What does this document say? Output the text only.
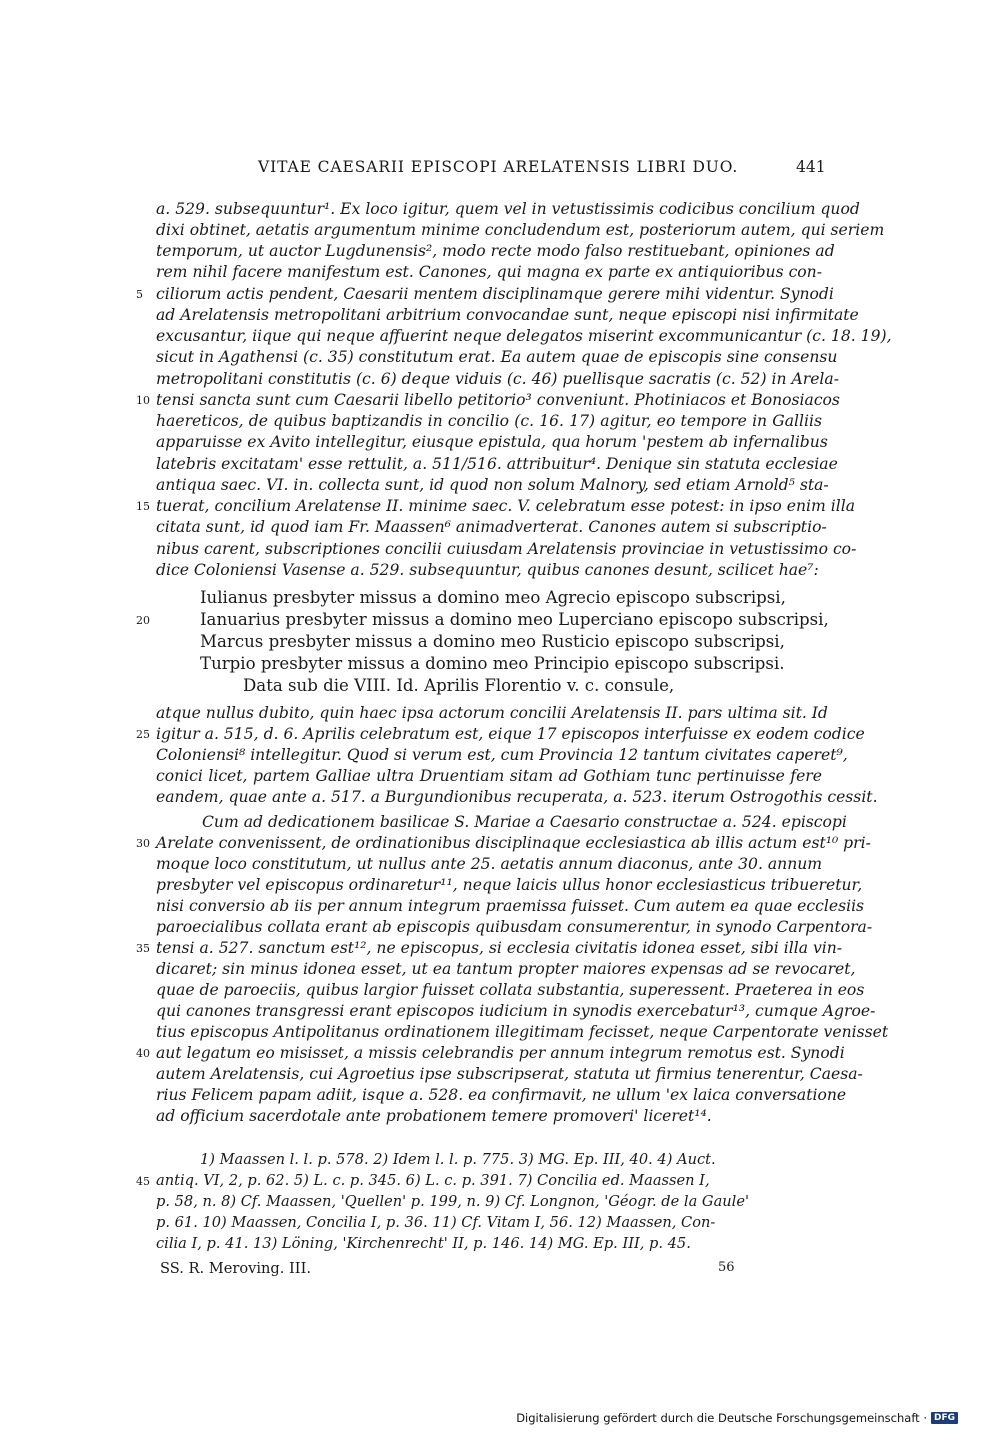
VITAE CAESARII EPISCOPI ARELATENSIS LIBRI DUO.	441
a. 529. subsequuntur¹. Ex loco igitur, quem vel in vetustissimis codicibus concilium quod
dixi obtinet, aetatis argumentum minime concludendum est, posteriorum autem, qui seriem
temporum, ut auctor Lugdunensis², modo recte modo falso restituebant, opiniones ad
rem nihil facere manifestum est. Canones, qui magna ex parte ex antiquioribus con-
ciliorum actis pendent, Caesarii mentem disciplinamque gerere mihi videntur. Synodi
ad Arelatensis metropolitani arbitrium convocandae sunt, neque episcopi nisi infirmitate
excusantur, iique qui neque affuerint neque delegatos miserint excommunicantur (c. 18. 19),
sicut in Agathensi (c. 35) constitutum erat. Ea autem quae de episcopis sine consensu
metropolitani constitutis (c. 6) deque viduis (c. 46) puellisque sacratis (c. 52) in Arela-
tensi sancta sunt cum Caesarii libello petitorio³ conveniunt. Photiniacos et Bonosiacos
haereticos, de quibus baptizandis in concilio (c. 16. 17) agitur, eo tempore in Galliis
apparuisse ex Avito intellegitur, eiusque epistula, qua horum 'pestem ab infernalibus
latebris excitatam' esse rettulit, a. 511/516. attribuitur⁴. Denique sin statuta ecclesiae
antiqua saec. VI. in. collecta sunt, id quod non solum Malnory, sed etiam Arnold⁵ sta-
tuerat, concilium Arelatense II. minime saec. V. celebratum esse potest: in ipso enim illa
citata sunt, id quod iam Fr. Maassen⁶ animadverterat. Canones autem si subscriptio-
nibus carent, subscriptiones concilii cuiusdam Arelatensis provinciae in vetustissimo co-
dice Coloniensi Vasense a. 529. subsequuntur, quibus canones desunt, scilicet hae⁷:
Iulianus presbyter missus a domino meo Agrecio episcopo subscripsi,
Ianuarius presbyter missus a domino meo Luperciano episcopo subscripsi,
Marcus presbyter missus a domino meo Rusticio episcopo subscripsi,
Turpio presbyter missus a domino meo Principio episcopo subscripsi.
Data sub die VIII. Id. Aprilis Florentio v. c. consule,
atque nullus dubito, quin haec ipsa actorum concilii Arelatensis II. pars ultima sit. Id
igitur a. 515, d. 6. Aprilis celebratum est, eique 17 episcopos interfuisse ex eodem codice
Coloniensi⁸ intellegitur. Quod si verum est, cum Provincia 12 tantum civitates caperet⁹,
conici licet, partem Galliae ultra Druentiam sitam ad Gothiam tunc pertinuisse fere
eandem, quae ante a. 517. a Burgundionibus recuperata, a. 523. iterum Ostrogothis cessit.
Cum ad dedicationem basilicae S. Mariae a Caesario constructae a. 524. episcopi
Arelate convenissent, de ordinationibus disciplinaque ecclesiastica ab illis actum est¹⁰ pri-
moque loco constitutum, ut nullus ante 25. aetatis annum diaconus, ante 30. annum
presbyter vel episcopus ordinaretur¹¹, neque laicis ullus honor ecclesiasticus tribueretur,
nisi conversio ab iis per annum integrum praemissa fuisset. Cum autem ea quae ecclesiis
paroecialibus collata erant ab episcopis quibusdam consumerentur, in synodo Carpentora-
tensi a. 527. sanctum est¹², ne episcopus, si ecclesia civitatis idonea esset, sibi illa vin-
dicaret; sin minus idonea esset, ut ea tantum propter maiores expensas ad se revocaret,
quae de paroeciis, quibus largior fuisset collata substantia, superessent. Praeterea in eos
qui canones transgressi erant episcopos iudicium in synodis exercebatur¹³, cumque Agroe-
tius episcopus Antipolitanus ordinationem illegitimam fecisset, neque Carpentorate venisset
aut legatum eo misisset, a missis celebrandis per annum integrum remotus est. Synodi
autem Arelatensis, cui Agroetius ipse subscripserat, statuta ut firmius tenerentur, Caesa-
rius Felicem papam adiit, isque a. 528. ea confirmavit, ne ullum 'ex laica conversatione
ad officium sacerdotale ante probationem temere promoveri' liceret¹⁴.
5
10
15
20
25
30
35
40
45
1) Maassen l. l. p. 578. 2) Idem l. l. p. 775. 3) MG. Ep. III, 40. 4) Auct.
antiq. VI, 2, p. 62. 5) L. c. p. 345. 6) L. c. p. 391. 7) Concilia ed. Maassen I,
p. 58, n. 8) Cf. Maassen, 'Quellen' p. 199, n. 9) Cf. Longnon, 'Géogr. de la Gaule'
p. 61. 10) Maassen, Concilia I, p. 36. 11) Cf. Vitam I, 56. 12) Maassen, Con-
cilia I, p. 41. 13) Löning, 'Kirchenrecht' II, p. 146. 14) MG. Ep. III, p. 45.
SS. R. Meroving. III.	56
Digitalisierung gefördert durch die Deutsche Forschungsgemeinschaft · DFG
